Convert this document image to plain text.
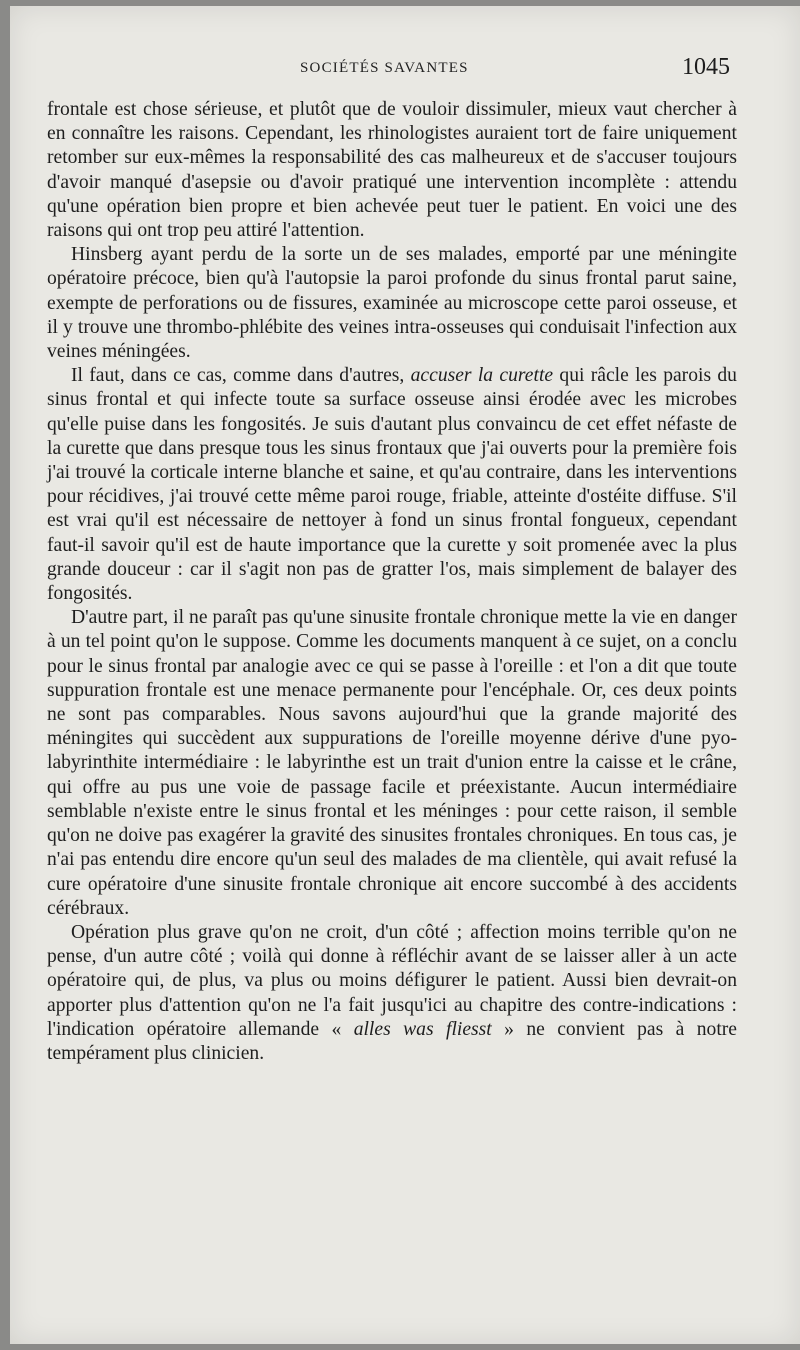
SOCIÉTÉS SAVANTES	1045

frontale est chose sérieuse, et plutôt que de vouloir dissimuler, mieux vaut chercher à en connaître les raisons. Cependant, les rhinologistes auraient tort de faire uniquement retomber sur eux-mêmes la responsabilité des cas malheureux et de s'accuser toujours d'avoir manqué d'asepsie ou d'avoir pratiqué une intervention incomplète : attendu qu'une opération bien propre et bien achevée peut tuer le patient. En voici une des raisons qui ont trop peu attiré l'attention.

Hinsberg ayant perdu de la sorte un de ses malades, emporté par une méningite opératoire précoce, bien qu'à l'autopsie la paroi profonde du sinus frontal parut saine, exempte de perforations ou de fissures, examinée au microscope cette paroi osseuse, et il y trouve une thrombo-phlébite des veines intra-osseuses qui conduisait l'infection aux veines méningées.

Il faut, dans ce cas, comme dans d'autres, accuser la curette qui râcle les parois du sinus frontal et qui infecte toute sa surface osseuse ainsi érodée avec les microbes qu'elle puise dans les fongosités. Je suis d'autant plus convaincu de cet effet néfaste de la curette que dans presque tous les sinus frontaux que j'ai ouverts pour la première fois j'ai trouvé la corticale interne blanche et saine, et qu'au contraire, dans les interventions pour récidives, j'ai trouvé cette même paroi rouge, friable, atteinte d'ostéite diffuse. S'il est vrai qu'il est nécessaire de nettoyer à fond un sinus frontal fongueux, cependant faut-il savoir qu'il est de haute importance que la curette y soit promenée avec la plus grande douceur : car il s'agit non pas de gratter l'os, mais simplement de balayer des fongosités.

D'autre part, il ne paraît pas qu'une sinusite frontale chronique mette la vie en danger à un tel point qu'on le suppose. Comme les documents manquent à ce sujet, on a conclu pour le sinus frontal par analogie avec ce qui se passe à l'oreille : et l'on a dit que toute suppuration frontale est une menace permanente pour l'encéphale. Or, ces deux points ne sont pas comparables. Nous savons aujourd'hui que la grande majorité des méningites qui succèdent aux suppurations de l'oreille moyenne dérive d'une pyo-labyrinthite intermédiaire : le labyrinthe est un trait d'union entre la caisse et le crâne, qui offre au pus une voie de passage facile et préexistante. Aucun intermédiaire semblable n'existe entre le sinus frontal et les méninges : pour cette raison, il semble qu'on ne doive pas exagérer la gravité des sinusites frontales chroniques. En tous cas, je n'ai pas entendu dire encore qu'un seul des malades de ma clientèle, qui avait refusé la cure opératoire d'une sinusite frontale chronique ait encore succombé à des accidents cérébraux.

Opération plus grave qu'on ne croit, d'un côté ; affection moins terrible qu'on ne pense, d'un autre côté ; voilà qui donne à réfléchir avant de se laisser aller à un acte opératoire qui, de plus, va plus ou moins défigurer le patient. Aussi bien devrait-on apporter plus d'attention qu'on ne l'a fait jusqu'ici au chapitre des contre-indications : l'indication opératoire allemande « alles was fliesst » ne convient pas à notre tempérament plus clinicien.
